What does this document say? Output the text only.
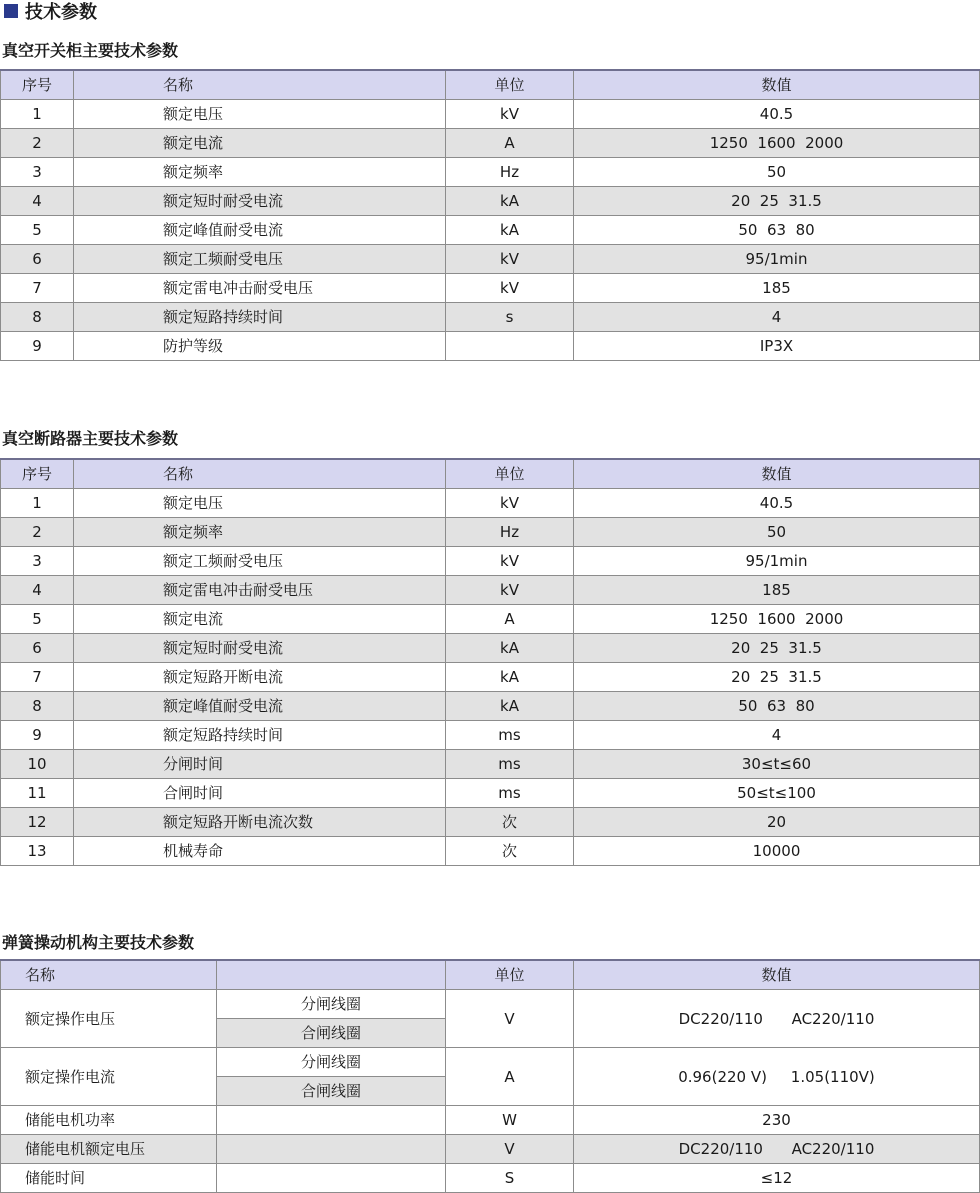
技术参数
真空开关柜主要技术参数
序号	名称	单位	数值
1	额定电压	kV	40.5
2	额定电流	A	1250  1600  2000
3	额定频率	Hz	50
4	额定短时耐受电流	kA	20  25  31.5
5	额定峰值耐受电流	kA	50  63  80
6	额定工频耐受电压	kV	95/1min
7	额定雷电冲击耐受电压	kV	185
8	额定短路持续时间	s	4
9	防护等级		IP3X
真空断路器主要技术参数
序号	名称	单位	数值
1	额定电压	kV	40.5
2	额定频率	Hz	50
3	额定工频耐受电压	kV	95/1min
4	额定雷电冲击耐受电压	kV	185
5	额定电流	A	1250  1600  2000
6	额定短时耐受电流	kA	20  25  31.5
7	额定短路开断电流	kA	20  25  31.5
8	额定峰值耐受电流	kA	50  63  80
9	额定短路持续时间	ms	4
10	分闸时间	ms	30≤t≤60
11	合闸时间	ms	50≤t≤100
12	额定短路开断电流次数	次	20
13	机械寿命	次	10000
弹簧操动机构主要技术参数
名称		单位	数值
额定操作电压	分闸线圈	V	DC220/110      AC220/110
	合闸线圈		
额定操作电流	分闸线圈	A	0.96(220 V)     1.05(110V)
	合闸线圈		
储能电机功率		W	230
储能电机额定电压		V	DC220/110      AC220/110
储能时间		S	≤12
